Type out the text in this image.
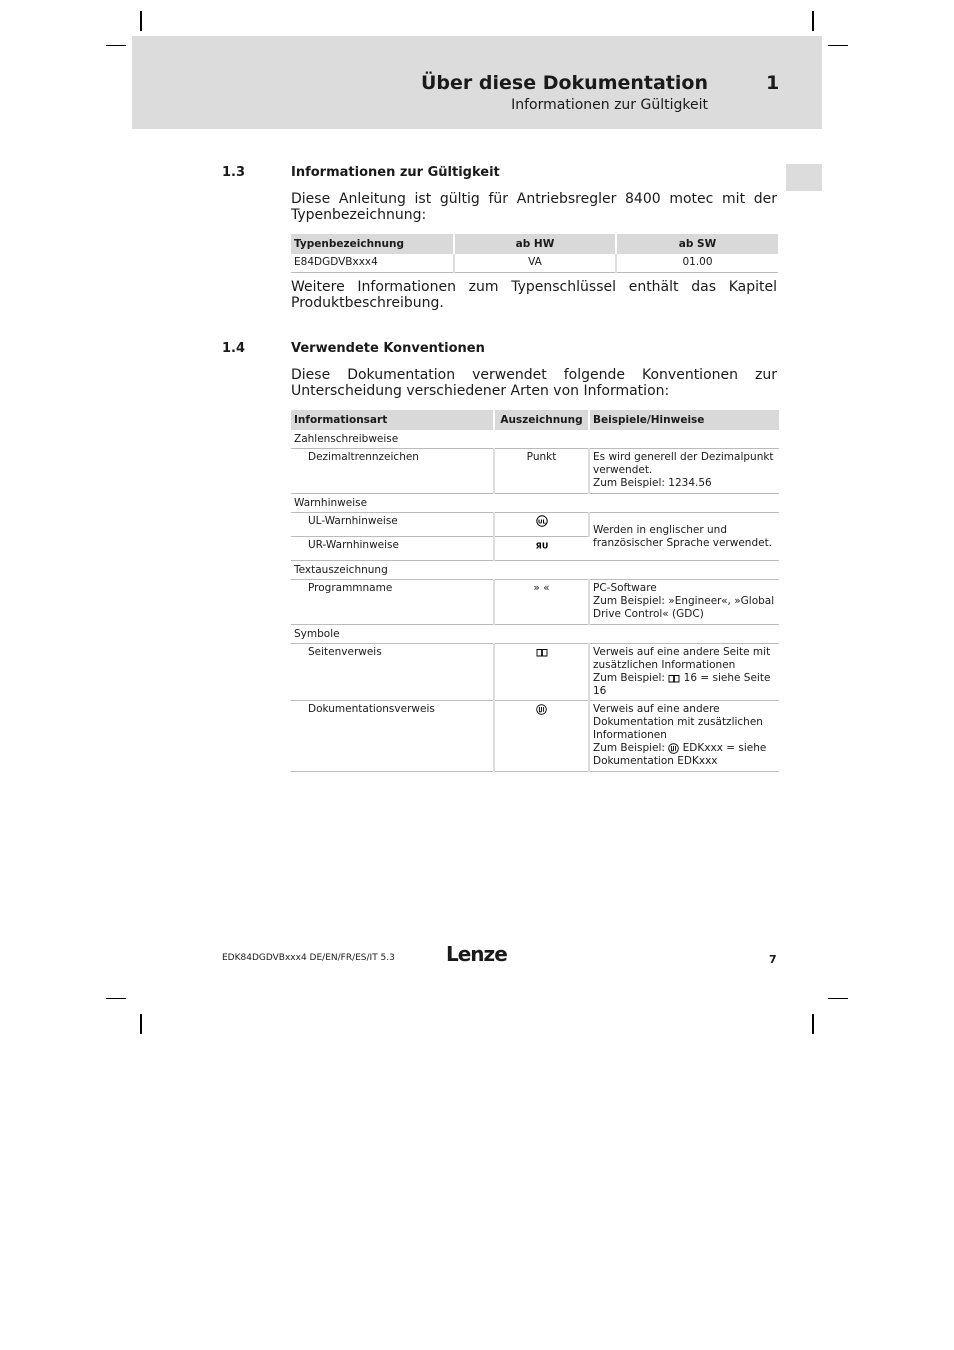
Über diese Dokumentation	1
Informationen zur Gültigkeit
1.3	Informationen zur Gültigkeit
Diese Anleitung ist gültig für Antriebsregler 8400 motec mit der Typenbezeichnung:
Typenbezeichnung	ab HW	ab SW
E84DGDVBxxx4	VA	01.00
Weitere Informationen zum Typenschlüssel enthält das Kapitel Produktbeschreibung.
1.4	Verwendete Konventionen
Diese Dokumentation verwendet folgende Konventionen zur Unterscheidung verschiedener Arten von Information:
Informationsart	Auszeichnung	Beispiele/Hinweise
Zahlenschreibweise		
Dezimaltrennzeichen	Punkt	Es wird generell der Dezimalpunkt verwendet.
Zum Beispiel: 1234.56

Warnhinweise		
UL-Warnhinweise	UL	Werden in englischer und französischer Sprache verwendet.
UR-Warnhinweise	ЯU	

Textauszeichnung		
Programmname	» «	PC-Software
Zum Beispiel: »Engineer«, »Global Drive Control« (GDC)

Symbole		
Seitenverweis		Verweis auf eine andere Seite mit zusätzlichen Informationen
Zum Beispiel: 16 = siehe Seite 16

Dokumentationsverweis		Verweis auf eine andere Dokumentation mit zusätzlichen Informationen
Zum Beispiel: EDKxxx = siehe Dokumentation EDKxxx
EDK84DGDVBxxx4 DE/EN/FR/ES/IT 5.3	Lenze	7
